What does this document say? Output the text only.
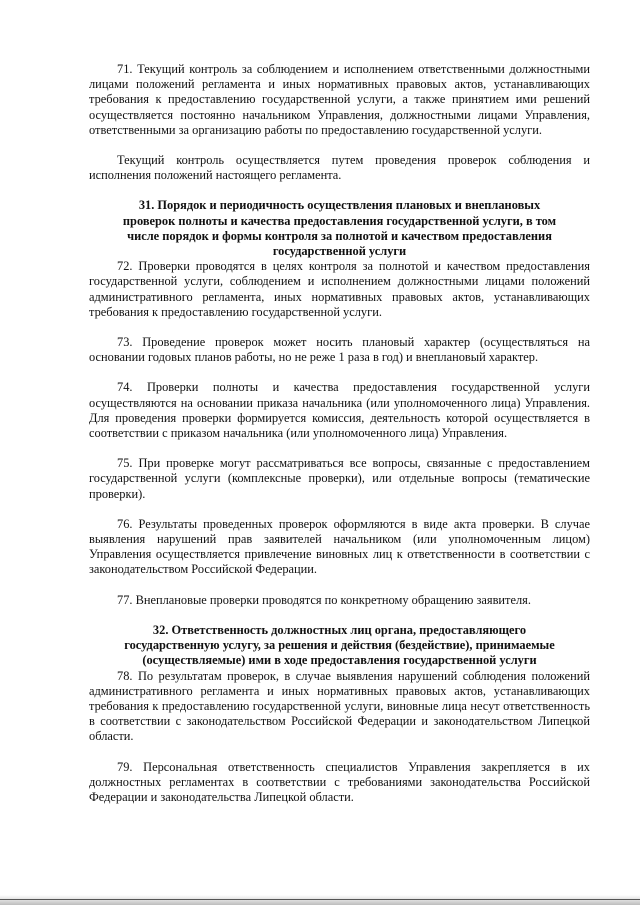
71. Текущий контроль за соблюдением и исполнением ответственными должностными лицами положений регламента и иных нормативных правовых актов, устанавливающих требования к предоставлению государственной услуги, а также принятием ими решений осуществляется постоянно начальником Управления, должностными лицами Управления, ответственными за организацию работы по предоставлению государственной услуги.

Текущий контроль осуществляется путем проведения проверок соблюдения и исполнения положений настоящего регламента.

31. Порядок и периодичность осуществления плановых и внеплановых проверок полноты и качества предоставления государственной услуги, в том числе порядок и формы контроля за полнотой и качеством предоставления государственной услуги

72. Проверки проводятся в целях контроля за полнотой и качеством предоставления государственной услуги, соблюдением и исполнением должностными лицами положений административного регламента, иных нормативных правовых актов, устанавливающих требования к предоставлению государственной услуги.

73. Проведение проверок может носить плановый характер (осуществляться на основании годовых планов работы, но не реже 1 раза в год) и внеплановый характер.

74. Проверки полноты и качества предоставления государственной услуги осуществляются на основании приказа начальника (или уполномоченного лица) Управления. Для проведения проверки формируется комиссия, деятельность которой осуществляется в соответствии с приказом начальника (или уполномоченного лица) Управления.

75. При проверке могут рассматриваться все вопросы, связанные с предоставлением государственной услуги (комплексные проверки), или отдельные вопросы (тематические проверки).

76. Результаты проведенных проверок оформляются в виде акта проверки. В случае выявления нарушений прав заявителей начальником (или уполномоченным лицом) Управления осуществляется привлечение виновных лиц к ответственности в соответствии с законодательством Российской Федерации.

77. Внеплановые проверки проводятся по конкретному обращению заявителя.

32. Ответственность должностных лиц органа, предоставляющего государственную услугу, за решения и действия (бездействие), принимаемые (осуществляемые) ими в ходе предоставления государственной услуги

78. По результатам проверок, в случае выявления нарушений соблюдения положений административного регламента и иных нормативных правовых актов, устанавливающих требования к предоставлению государственной услуги, виновные лица несут ответственность в соответствии с законодательством Российской Федерации и законодательством Липецкой области.

79. Персональная ответственность специалистов Управления закрепляется в их должностных регламентах в соответствии с требованиями законодательства Российской Федерации и законодательства Липецкой области.
